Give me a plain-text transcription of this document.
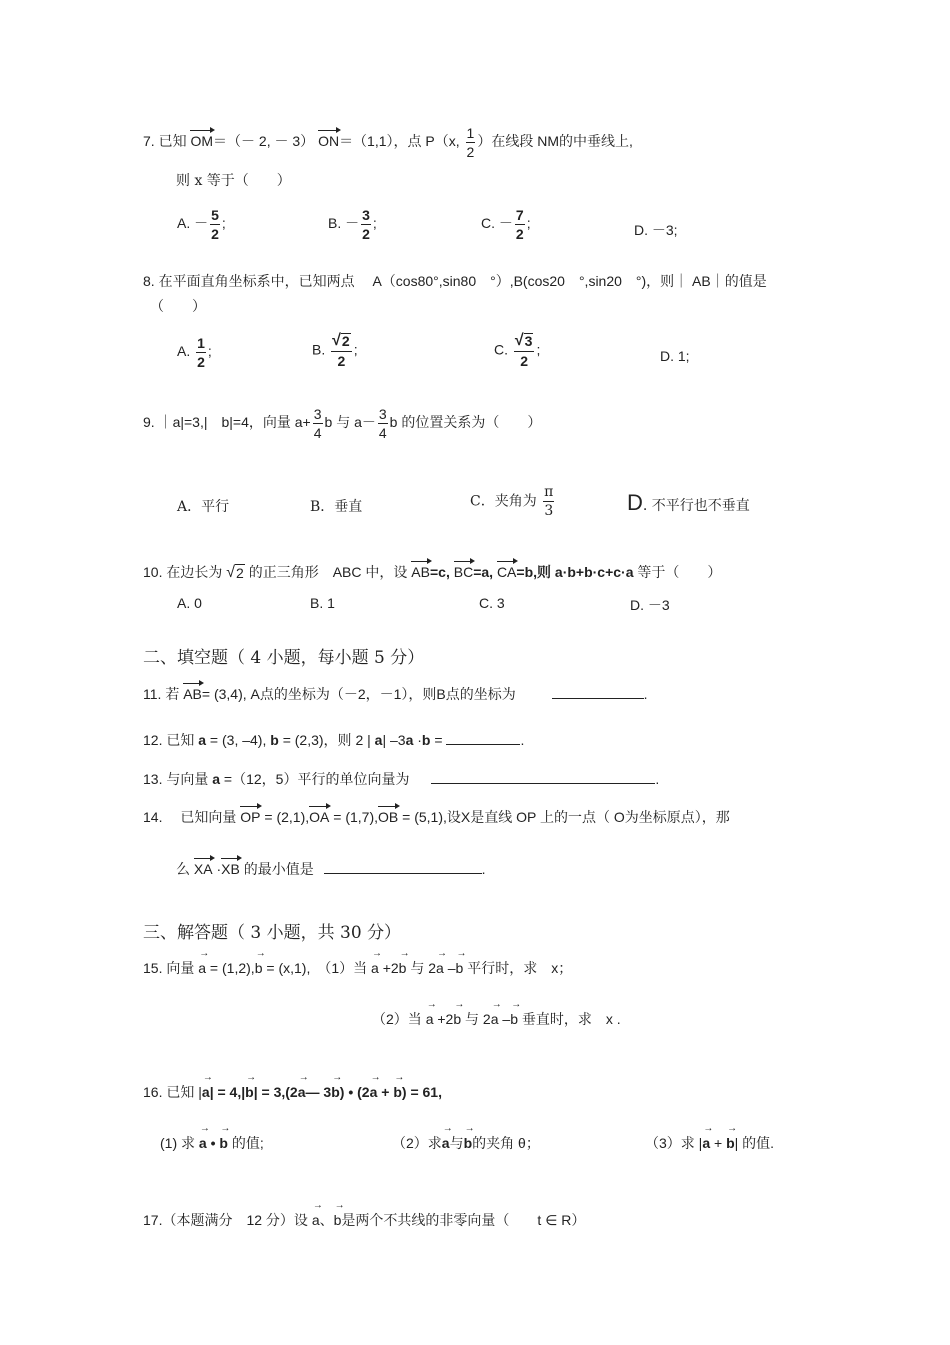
7. 已知 OM＝（－ 2, － 3） ON＝（1,1），点 P（x, $\frac{1}{2}$ ）在线段 NM的中垂线上,
则 x 等于（　　）
A. － $\frac{5}{2}$ ;	B. － $\frac{3}{2}$ ;	C. － $\frac{7}{2}$ ;	D. －3;
8. 在平面直角坐标系中，已知两点　 A（cos80°,sin80　°）,B(cos20　°,sin20　°)，则｜ AB｜的值是
（　　）
A. $\frac{1}{2}$ ;	B. $\frac{√ 2}{2}$ ;	C. $\frac{√ 3}{2}$ ;	D. 1;
9. ｜a|=3,|　b|=4，向量 $a+ \frac{3}{4}$ b 与 $a- \frac{3}{4}$ b 的位置关系为（　　）
A．平行	B．垂直	C．夹角为 $\frac{\pi}{3}$	D. 不平行也不垂直
10. 在边长为 √ 2 的正三角形　ABC 中，设 AB=c, BC=a, CA=b,则 a·b+b·c+c·a 等于（　　）
A. 0	B. 1	C. 3	D. －3
二、填空题（ 4 小题，每小题 5 分）
11. 若 AB= (3,4), A点的坐标为（－2，－1），则B点的坐标为	.
12. 已知 a = (3, –4), b = (2,3)，则 2 | a| –3a ·b =	.
13. 与向量 a =（12，5）平行的单位向量为	.
14.　 已知向量 OP = (2,1),OA = (1,7),OB = (5,1),设X是直线 OP 上的一点（ O为坐标原点），那
么 XA ·XB 的最小值是	.
三、解答题（ 3 小题，共 30 分）
15. 向量 a → = (1,2),b → = (x,1),　（1）当 a → +2b → 与 2a → –b → 平行时，求　x；
（2）当 a → +2b → 与 2a → –b → 垂直时，求　x .
16. 已知 |a →| = 4,|b →| = 3,(2a →— 3b →) • (2a → + b →) = 61,
(1) 求 a → • b → 的值;	（2）求a →与b →的夹角 θ；	（3）求 |a → + b →| 的值.
17.（本题满分　12 分）设 a →、b →是两个不共线的非零向量（　　t ∈ R）
